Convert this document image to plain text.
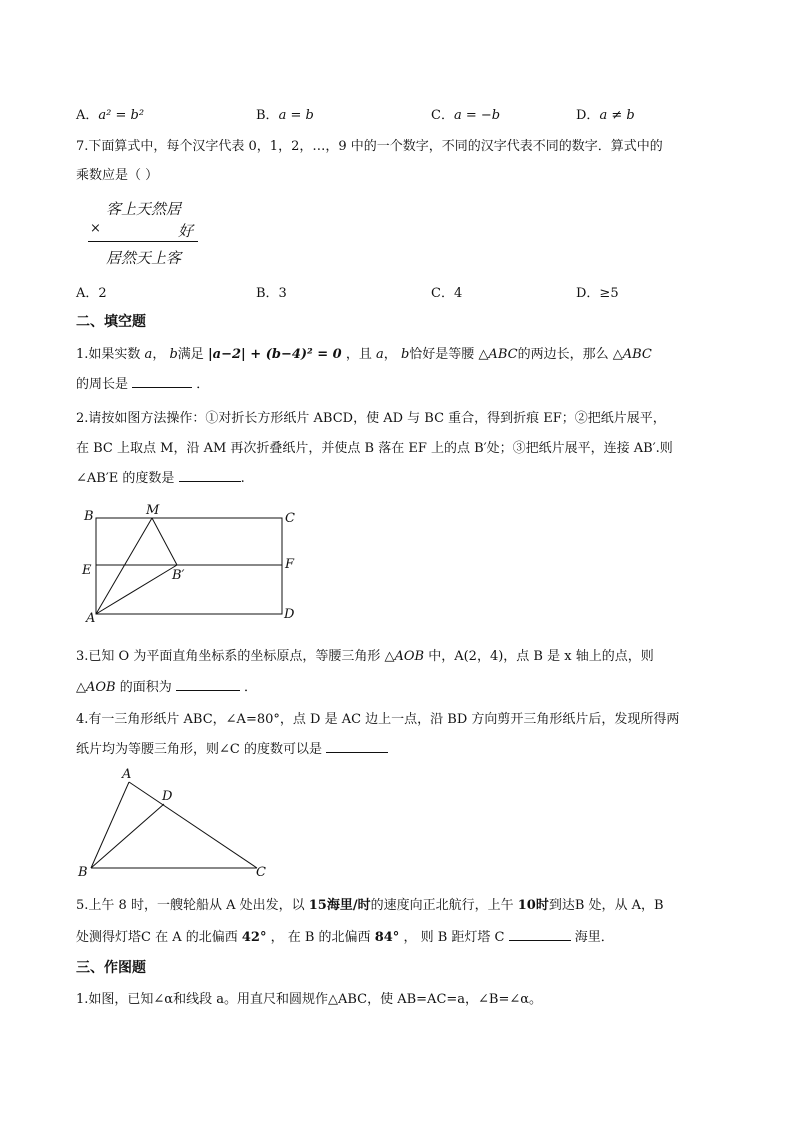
A．a² = b²	B．a = b	C．a = −b	D．a ≠ b
7.下面算式中，每个汉字代表 0，1，2，…，9 中的一个数字，不同的汉字代表不同的数字．算式中的
乘数应是（ ）
客上天然居
×	好
居然天上客
A．2	B．3	C．4	D．≥5
二、填空题
1.如果实数 a， b满足 |a−2| + (b−4)² = 0 ，且 a， b恰好是等腰 △ABC的两边长，那么 △ABC
的周长是	．
2.请按如图方法操作：①对折长方形纸片 ABCD，使 AD 与 BC 重合，得到折痕 EF；②把纸片展平，
在 BC 上取点 M，沿 AM 再次折叠纸片，并使点 B 落在 EF 上的点 B′处；③把纸片展平，连接 AB′.则
∠AB′E 的度数是	.
B	M
C
E	B′
F
A	D
3.已知 O 为平面直角坐标系的坐标原点，等腰三角形 △AOB 中，A(2，4)，点 B 是 x 轴上的点，则
△AOB 的面积为	．
4.有一三角形纸片 ABC，∠A=80°，点 D 是 AC 边上一点，沿 BD 方向剪开三角形纸片后，发现所得两
纸片均为等腰三角形，则∠C 的度数可以是
A
D
B	C
5.上午 8 时，一艘轮船从 A 处出发，以 15海里/时的速度向正北航行，上午 10时到达B 处，从 A，B
处测得灯塔C 在 A 的北偏西 42° ， 在 B 的北偏西 84° ， 则 B 距灯塔 C	海里．
三、作图题
1.如图，已知∠α和线段 a。用直尺和圆规作△ABC，使 AB=AC=a，∠B=∠α。
